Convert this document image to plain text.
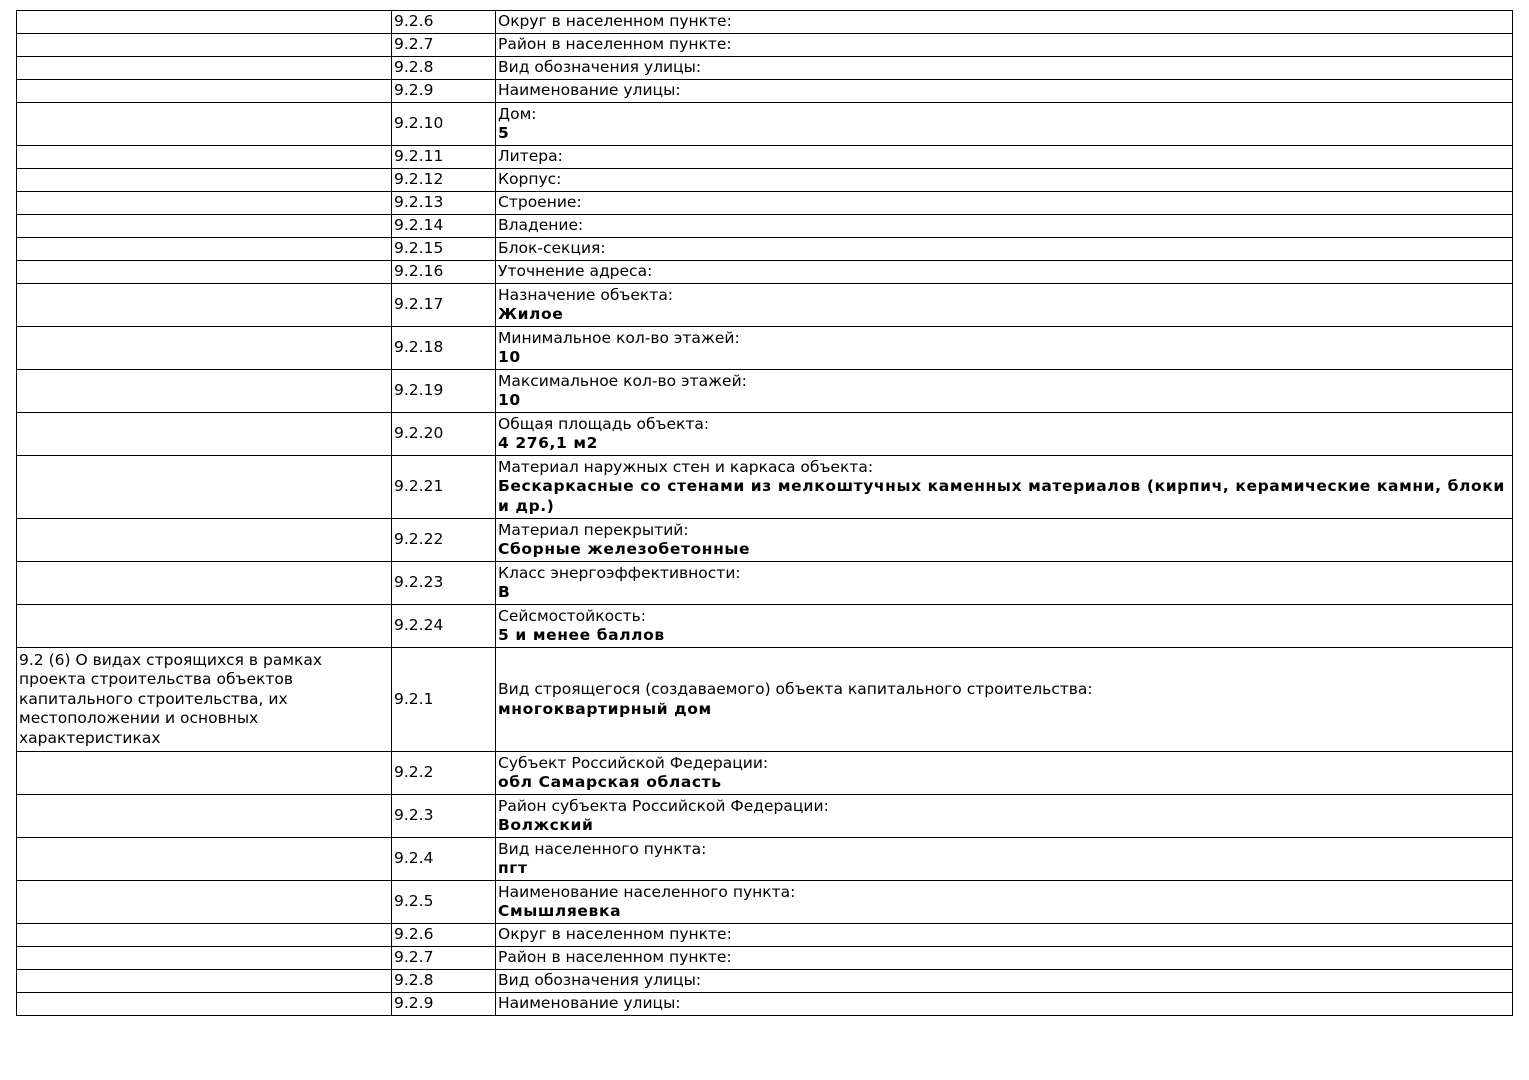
	9.2.6	Округ в населенном пункте:

	9.2.7	Район в населенном пункте:

	9.2.8	Вид обозначения улицы:

	9.2.9	Наименование улицы:

	9.2.10	Дом:
5

	9.2.11	Литера:

	9.2.12	Корпус:

	9.2.13	Строение:

	9.2.14	Владение:

	9.2.15	Блок-секция:

	9.2.16	Уточнение адреса:

	9.2.17	Назначение объекта:
Жилое

	9.2.18	Минимальное кол-во этажей:
10

	9.2.19	Максимальное кол-во этажей:
10

	9.2.20	Общая площадь объекта:
4 276,1 м2

	9.2.21	Материал наружных стен и каркаса объекта:
Бескаркасные со стенами из мелкоштучных каменных материалов (кирпич, керамические камни, блоки и др.)

	9.2.22	Материал перекрытий:
Сборные железобетонные

	9.2.23	Класс энергоэффективности:
В

	9.2.24	Сейсмостойкость:
5 и менее баллов

9.2 (6) О видах строящихся в рамках проекта строительства объектов капитального строительства, их местоположении и основных характеристиках	9.2.1	Вид строящегося (создаваемого) объекта капитального строительства:
многоквартирный дом

	9.2.2	Субъект Российской Федерации:
обл Самарская область

	9.2.3	Район субъекта Российской Федерации:
Волжский

	9.2.4	Вид населенного пункта:
пгт

	9.2.5	Наименование населенного пункта:
Смышляевка

	9.2.6	Округ в населенном пункте:

	9.2.7	Район в населенном пункте:

	9.2.8	Вид обозначения улицы:

	9.2.9	Наименование улицы:
